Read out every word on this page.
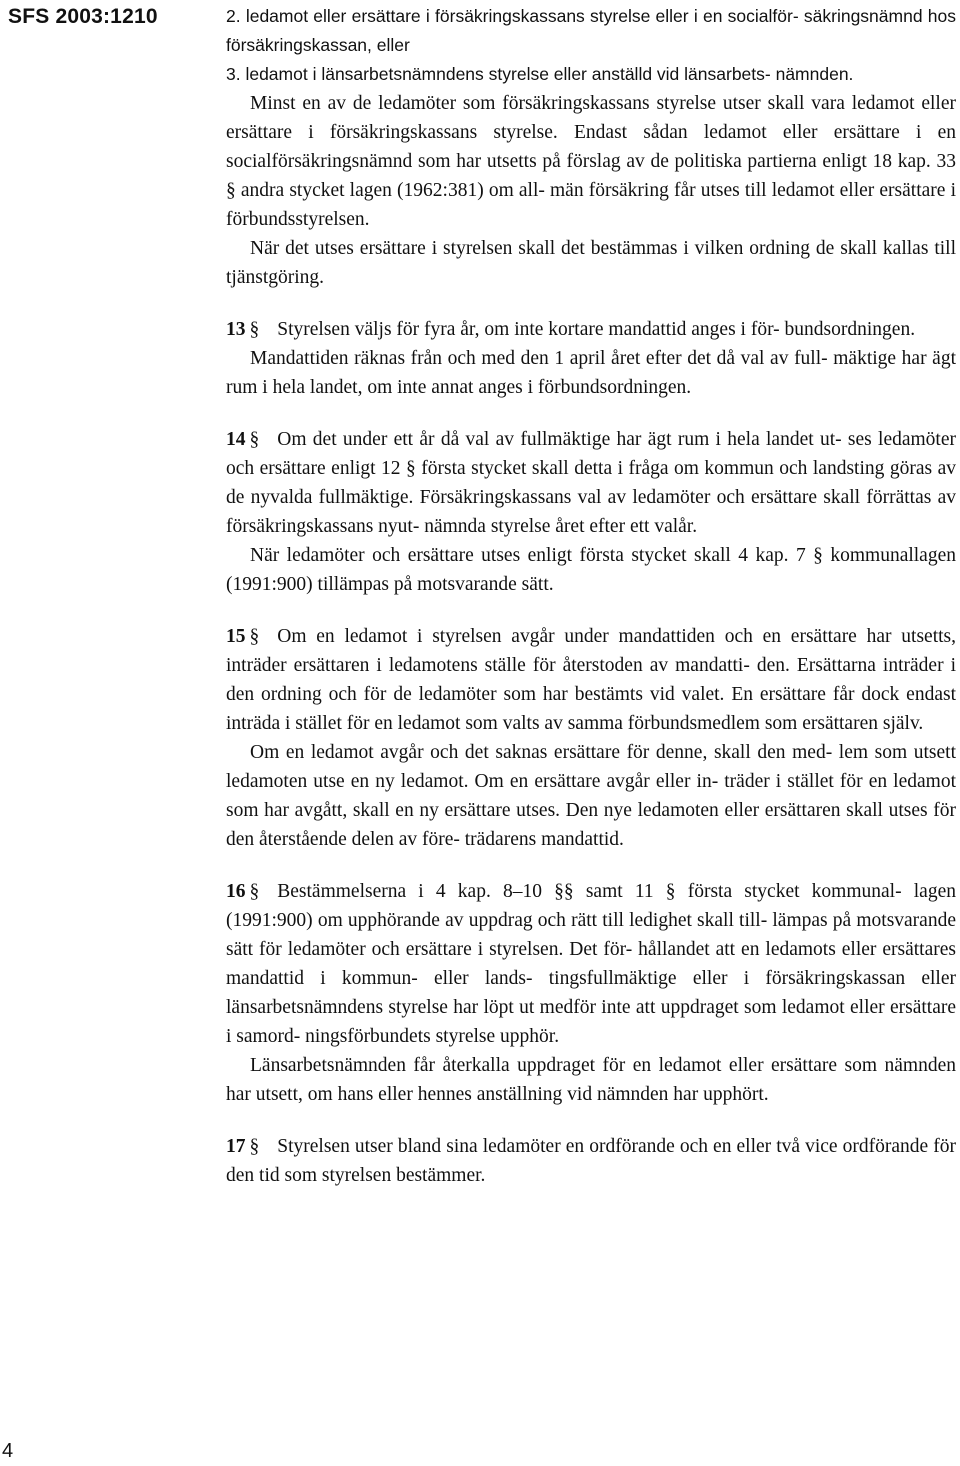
SFS 2003:1210
4

2. ledamot eller ersättare i försäkringskassans styrelse eller i en socialför- säkringsnämnd hos försäkringskassan, eller

3. ledamot i länsarbetsnämndens styrelse eller anställd vid länsarbets- nämnden.

Minst en av de ledamöter som försäkringskassans styrelse utser skall vara ledamot eller ersättare i försäkringskassans styrelse. Endast sådan ledamot eller ersättare i en socialförsäkringsnämnd som har utsetts på förslag av de politiska partierna enligt 18 kap. 33 § andra stycket lagen (1962:381) om all- män försäkring får utses till ledamot eller ersättare i förbundsstyrelsen.

När det utses ersättare i styrelsen skall det bestämmas i vilken ordning de skall kallas till tjänstgöring.

13 § Styrelsen väljs för fyra år, om inte kortare mandattid anges i för- bundsordningen.

Mandattiden räknas från och med den 1 april året efter det då val av full- mäktige har ägt rum i hela landet, om inte annat anges i förbundsordningen.

14 § Om det under ett år då val av fullmäktige har ägt rum i hela landet ut- ses ledamöter och ersättare enligt 12 § första stycket skall detta i fråga om kommun och landsting göras av de nyvalda fullmäktige. Försäkringskassans val av ledamöter och ersättare skall förrättas av försäkringskassans nyut- nämnda styrelse året efter ett valår.

När ledamöter och ersättare utses enligt första stycket skall 4 kap. 7 § kommunallagen (1991:900) tillämpas på motsvarande sätt.

15 § Om en ledamot i styrelsen avgår under mandattiden och en ersättare har utsetts, inträder ersättaren i ledamotens ställe för återstoden av mandatti- den. Ersättarna inträder i den ordning och för de ledamöter som har bestämts vid valet. En ersättare får dock endast inträda i stället för en ledamot som valts av samma förbundsmedlem som ersättaren själv.

Om en ledamot avgår och det saknas ersättare för denne, skall den med- lem som utsett ledamoten utse en ny ledamot. Om en ersättare avgår eller in- träder i stället för en ledamot som har avgått, skall en ny ersättare utses. Den nye ledamoten eller ersättaren skall utses för den återstående delen av före- trädarens mandattid.

16 § Bestämmelserna i 4 kap. 8–10 §§ samt 11 § första stycket kommunal- lagen (1991:900) om upphörande av uppdrag och rätt till ledighet skall till- lämpas på motsvarande sätt för ledamöter och ersättare i styrelsen. Det för- hållandet att en ledamots eller ersättares mandattid i kommun- eller lands- tingsfullmäktige eller i försäkringskassan eller länsarbetsnämndens styrelse har löpt ut medför inte att uppdraget som ledamot eller ersättare i samord- ningsförbundets styrelse upphör.

Länsarbetsnämnden får återkalla uppdraget för en ledamot eller ersättare som nämnden har utsett, om hans eller hennes anställning vid nämnden har upphört.

17 § Styrelsen utser bland sina ledamöter en ordförande och en eller två vice ordförande för den tid som styrelsen bestämmer.
